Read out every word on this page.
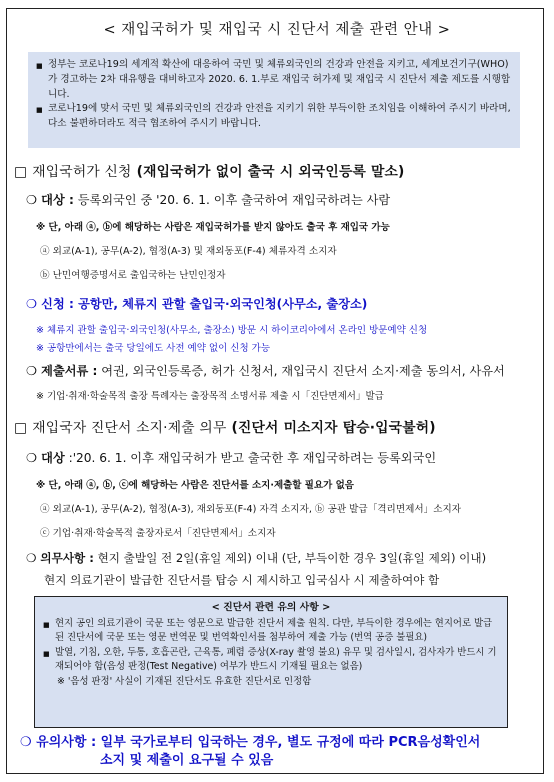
< 재입국허가 및 재입국 시 진단서 제출 관련 안내 >
■ 정부는 코로나19의 세계적 확산에 대응하여 국민 및 체류외국인의 건강과 안전을 지키고, 세계보건기구(WHO)가 경고하는 2차 대유행을 대비하고자 2020. 6. 1.부로 재입국 허가제 및 재입국 시 진단서 제출 제도를 시행합니다.
■ 코로나19에 맞서 국민 및 체류외국인의 건강과 안전을 지키기 위한 부득이한 조치임을 이해하여 주시기 바라며, 다소 불편하더라도 적극 협조하여 주시기 바랍니다.
□ 재입국허가 신청 (재입국허가 없이 출국 시 외국인등록 말소)
❍ 대상 : 등록외국인 중 '20. 6. 1. 이후 출국하여 재입국하려는 사람
※ 단, 아래 ⓐ, ⓑ에 해당하는 사람은 재입국허가를 받지 않아도 출국 후 재입국 가능
ⓐ 외교(A-1), 공무(A-2), 협정(A-3) 및 재외동포(F-4) 체류자격 소지자
ⓑ 난민여행증명서로 출입국하는 난민인정자
❍ 신청 : 공항만, 체류지 관할 출입국·외국인청(사무소, 출장소)
※ 체류지 관할 출입국·외국인청(사무소, 출장소) 방문 시 하이코리아에서 온라인 방문예약 신청
※ 공항만에서는 출국 당일에도 사전 예약 없이 신청 가능
❍ 제출서류 : 여권, 외국인등록증, 허가 신청서, 재입국시 진단서 소지·제출 동의서, 사유서
※ 기업·취재·학술목적 출장 특례자는 출장목적 소명서류 제출 시「진단면제서」발급
□ 재입국자 진단서 소지·제출 의무 (진단서 미소지자 탑승·입국불허)
❍ 대상 :'20. 6. 1. 이후 재입국허가 받고 출국한 후 재입국하려는 등록외국인
※ 단, 아래 ⓐ, ⓑ, ⓒ에 해당하는 사람은 진단서를 소지·제출할 필요가 없음
ⓐ 외교(A-1), 공무(A-2), 협정(A-3), 재외동포(F-4) 자격 소지자, ⓑ 공관 발급「격리면제서」소지자
ⓒ 기업·취재·학술목적 출장자로서「진단면제서」소지자
❍ 의무사항 : 현지 출발일 전 2일(휴일 제외) 이내 (단, 부득이한 경우 3일(휴일 제외) 이내)
현지 의료기관이 발급한 진단서를 탑승 시 제시하고 입국심사 시 제출하여야 함
< 진단서 관련 유의 사항 >
■ 현지 공인 의료기관이 국문 또는 영문으로 발급한 진단서 제출 원칙. 다만, 부득이한 경우에는 현지어로 발급된 진단서에 국문 또는 영문 번역문 및 번역확인서를 첨부하여 제출 가능 (번역 공증 불필요)
■ 발열, 기침, 오한, 두통, 호흡곤란, 근육통, 폐렴 증상(X-ray 촬영 불요) 유무 및 검사일시, 검사자가 반드시 기재되어야 함(음성 판정(Test Negative) 여부가 반드시 기재될 필요는 없음)
※ '음성 판정' 사실이 기재된 진단서도 유효한 진단서로 인정함
❍ 유의사항 : 일부 국가로부터 입국하는 경우, 별도 규정에 따라 PCR음성확인서
소지 및 제출이 요구될 수 있음
